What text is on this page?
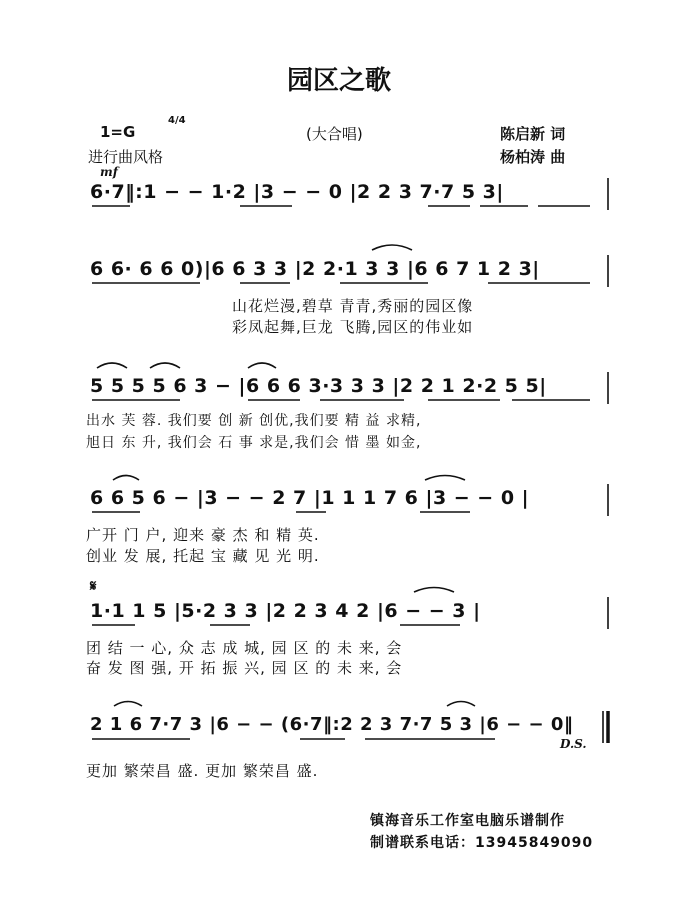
园区之歌
1=G
4/4
进行曲风格
(大合唱)	陈启新 词
杨柏涛 曲
mf
6·7‖:1 − − 1·2 |3 − − 0 |2 2 3 7·7 5 3|
6 6· 6 6 0)|6 6 3 3 |2 2·1 3 3 |6 6 7 1 2 3|
山花烂漫,碧草 青青,秀丽的园区像
彩凤起舞,巨龙 飞腾,园区的伟业如
5 5 5 5 6 3 − |6 6 6 3·3 3 3 |2 2 1 2·2 5 5|
出水 芙 蓉. 我们要 创 新 创优,我们要 精 益 求精,
旭日 东 升, 我们会 石 事 求是,我们会 惜 墨 如金,
6 6 5 6 − |3 − − 2 7 |1 1 1 7 6 |3 − − 0 |
广开 门 户, 迎来 豪 杰 和 精 英.
创业 发 展, 托起 宝 藏 见 光 明.
𝄋
1·1 1 5 |5·2 3 3 |2 2 3 4 2 |6 − − 3 |
团 结 一 心, 众 志 成 城, 园 区 的 未 来, 会
奋 发 图 强, 开 拓 振 兴, 园 区 的 未 来, 会
2 1 6 7·7 3 |6 − − (6·7‖:2 2 3 7·7 5 3 |6 − − 0‖
D.S.
更加 繁荣昌 盛. 更加 繁荣昌 盛.
镇海音乐工作室电脑乐谱制作
制谱联系电话：13945849090
